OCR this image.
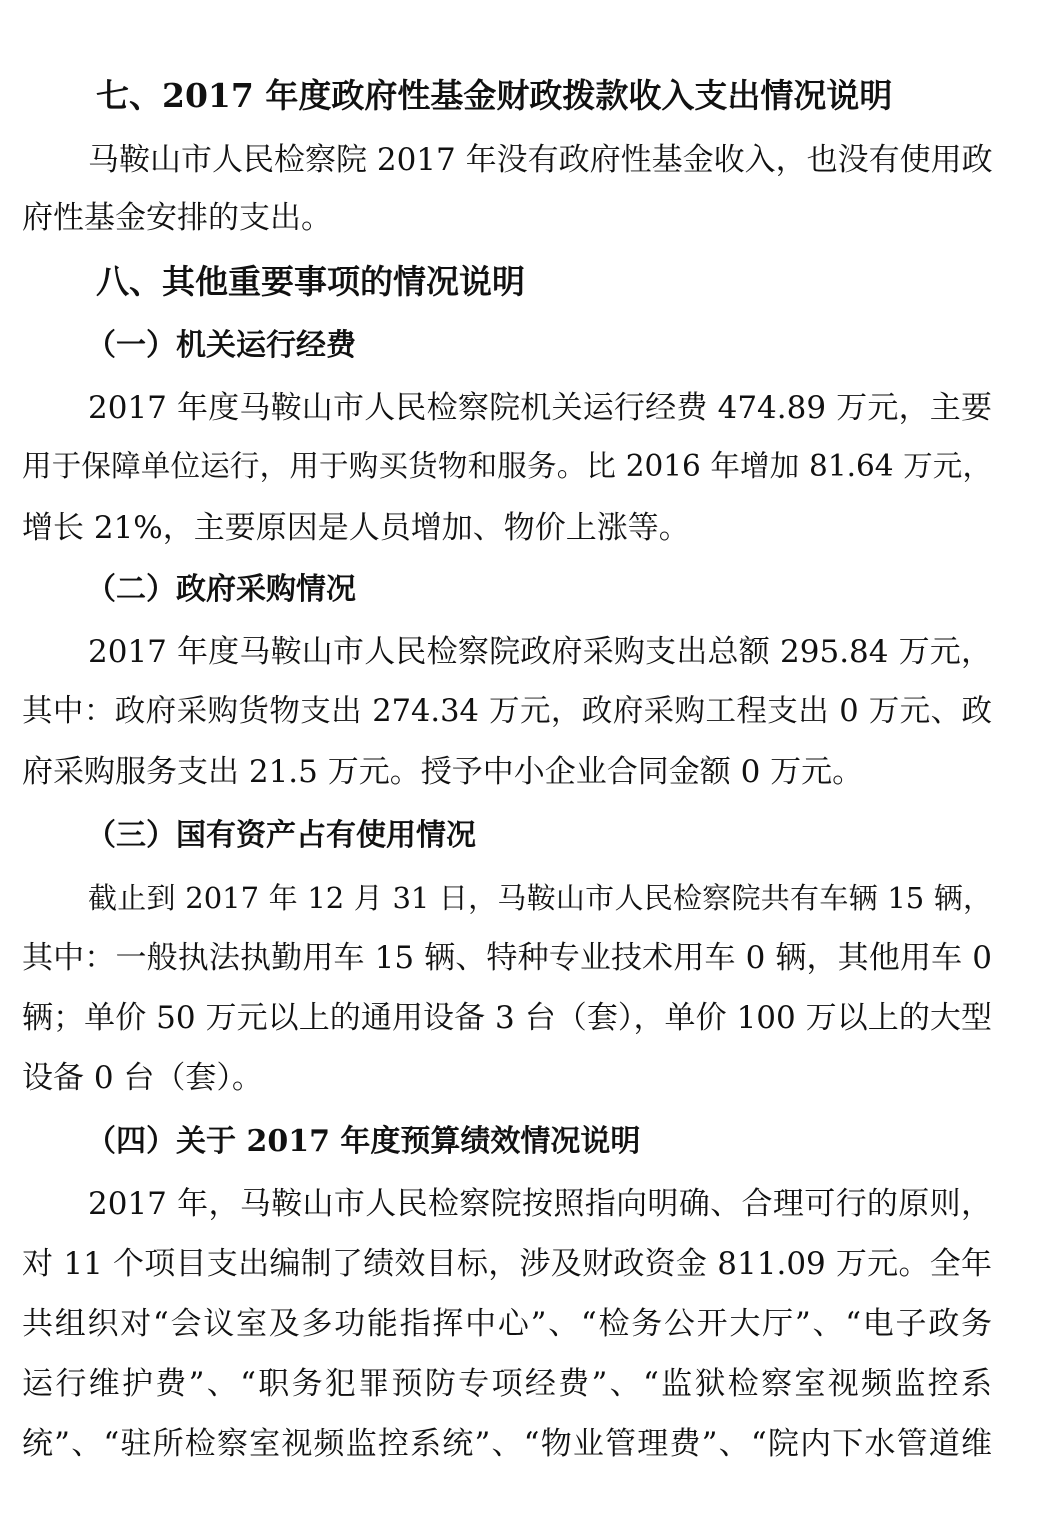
七、2017 年度政府性基金财政拨款收入支出情况说明
马鞍山市人民检察院 2017 年没有政府性基金收入，也没有使用政
府性基金安排的支出。
八、其他重要事项的情况说明
（一）机关运行经费
2017 年度马鞍山市人民检察院机关运行经费 474.89 万元，主要
用于保障单位运行，用于购买货物和服务。比 2016 年增加 81.64 万元，
增长 21%，主要原因是人员增加、物价上涨等。
（二）政府采购情况
2017 年度马鞍山市人民检察院政府采购支出总额 295.84 万元，
其中：政府采购货物支出 274.34 万元，政府采购工程支出 0 万元、政
府采购服务支出 21.5 万元。授予中小企业合同金额 0 万元。
（三）国有资产占有使用情况
截止到 2017 年 12 月 31 日，马鞍山市人民检察院共有车辆 15 辆，
其中：一般执法执勤用车 15 辆、特种专业技术用车 0 辆，其他用车 0
辆；单价 50 万元以上的通用设备 3 台（套），单价 100 万以上的大型
设备 0 台（套）。
（四）关于 2017 年度预算绩效情况说明
2017 年，马鞍山市人民检察院按照指向明确、合理可行的原则，
对 11 个项目支出编制了绩效目标，涉及财政资金 811.09 万元。全年
共组织对“会议室及多功能指挥中心”、“检务公开大厅”、“电子政务
运行维护费”、“职务犯罪预防专项经费”、“监狱检察室视频监控系
统”、“驻所检察室视频监控系统”、“物业管理费”、“院内下水管道维
